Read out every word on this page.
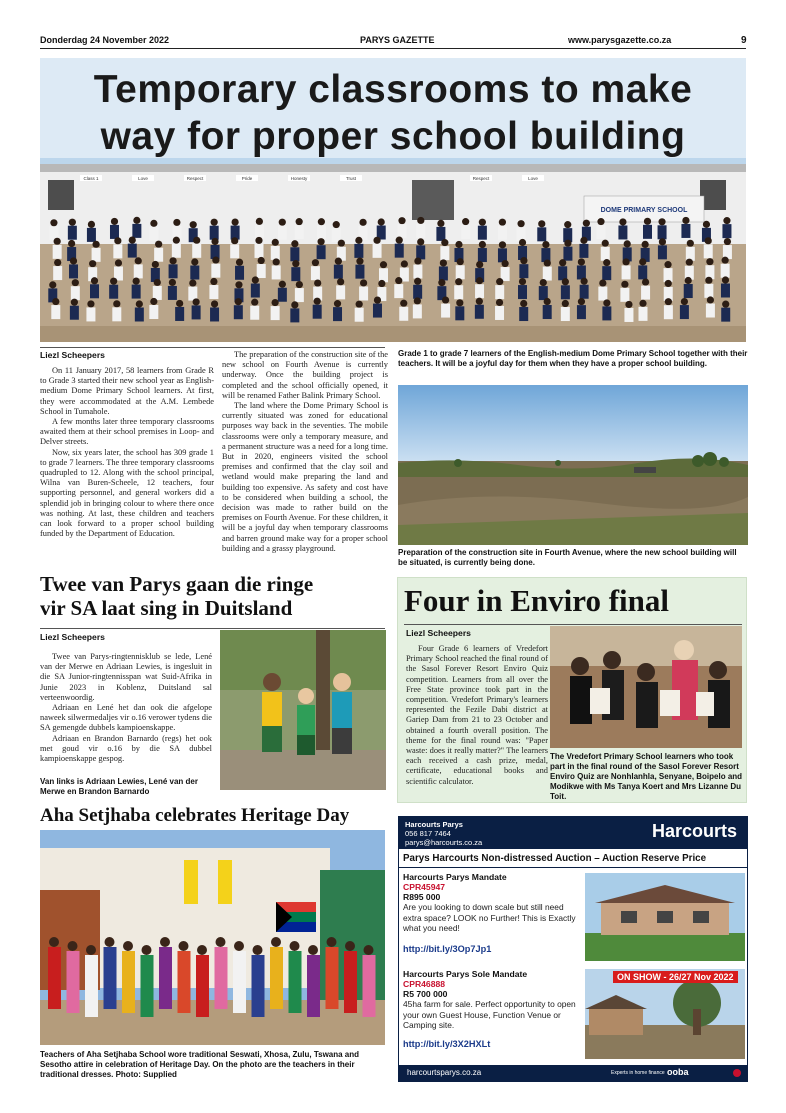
Donderdag 24 November 2022	PARYS GAZETTE	www.parysgazette.co.za	9
Temporary classrooms to make
way for proper school building
DOME PRIMARY SCHOOL
Class 1	Love	Respect	Pride	Honesty	Trust	Respect	Love
Liezl Scheepers

On 11 January 2017, 58 learners from Grade R to Grade 3 started their new school year as English-medium Dome Primary School learners. At first, they were accommodated at the A.M. Lembede School in Tumahole.

A few months later three temporary classrooms awaited them at their school premises in Loop- and Delver streets.

Now, six years later, the school has 309 grade 1 to grade 7 learners. The three temporary classrooms quadrupled to 12. Along with the school principal, Wilna van Buren-Scheele, 12 teachers, four supporting personnel, and general workers did a splendid job in bringing colour to where there once was nothing. At last, these children and teachers can look forward to a proper school building funded by the Department of Education.

The preparation of the construction site of the new school on Fourth Avenue is currently underway. Once the building project is completed and the school officially opened, it will be renamed Father Balink Primary School.

The land where the Dome Primary School is currently situated was zoned for educational purposes way back in the seventies. The mobile classrooms were only a temporary measure, and a permanent structure was a need for a long time. But in 2020, engineers visited the school premises and confirmed that the clay soil and wetland would make preparing the land and building too expensive. As safety and cost have to be considered when building a school, the decision was made to rather build on the premises on Fourth Avenue. For these children, it will be a joyful day when temporary classrooms and barren ground make way for a proper school building and a grassy playground.

Grade 1 to grade 7 learners of the English-medium Dome Primary School together with their teachers. It will be a joyful day for them when they have a proper school building.
Preparation of the construction site in Fourth Avenue, where the new school building will be situated, is currently being done.
Twee van Parys gaan die ringe
vir SA laat sing in Duitsland
Liezl Scheepers

Twee van Parys-ringtennisklub se lede, Lené van der Merwe en Adriaan Lewies, is ingesluit in die SA Junior-ringtennisspan wat Suid-Afrika in Junie 2023 in Koblenz, Duitsland sal verteenwoordig.

Adriaan en Lené het dan ook die afgelope naweek silwermedaljes vir o.16 verower tydens die SA gemengde dubbels kampioenskappe.

Adriaan en Brandon Barnardo (regs) het ook met goud vir o.16 by die SA dubbel kampioenskappe gespog.

Van links is Adriaan Lewies, Lené van der Merwe en Brandon Barnardo
Four in Enviro final
Liezl Scheepers

Four Grade 6 learners of Vredefort Primary School reached the final round of the Sasol Forever Resort Enviro Quiz competition. Learners from all over the Free State province took part in the competition. Vredefort Primary's learners represented the Fezile Dabi district at Gariep Dam from 21 to 23 October and obtained a fourth overall position. The theme for the final round was: "Paper waste: does it really matter?" The learners each received a cash prize, medal, certificate, educational books and scientific calculator.

The Vredefort Primary School learners who took part in the final round of the Sasol Forever Resort Enviro Quiz are Nonhlanhla, Senyane, Boipelo and Modikwe with Ms Tanya Koert and Mrs Lizanne Du Toit.
Aha Setjhaba celebrates Heritage Day
Teachers of Aha Setjhaba School wore traditional Seswati, Xhosa, Zulu, Tswana and Sesotho attire in celebration of Heritage Day. On the photo are the teachers in their traditional dresses. Photo: Supplied
Harcourts Parys
056 817 7464
parys@harcourts.co.za
Harcourts
Parys Harcourts Non-distressed Auction – Auction Reserve Price
Harcourts Parys Mandate
CPR45947
R895 000
Are you looking to down scale but still need extra space? LOOK no Further! This is Exactly what you need!
http://bit.ly/3Op7Jp1
Harcourts Parys Sole Mandate
CPR46888
R5 700 000
45ha farm for sale. Perfect opportunity to open your own Guest House, Function Venue or Camping site.
http://bit.ly/3X2HXLt
ON SHOW - 26/27 Nov 2022
harcourtsparys.co.za	Experts in home finance ooba
